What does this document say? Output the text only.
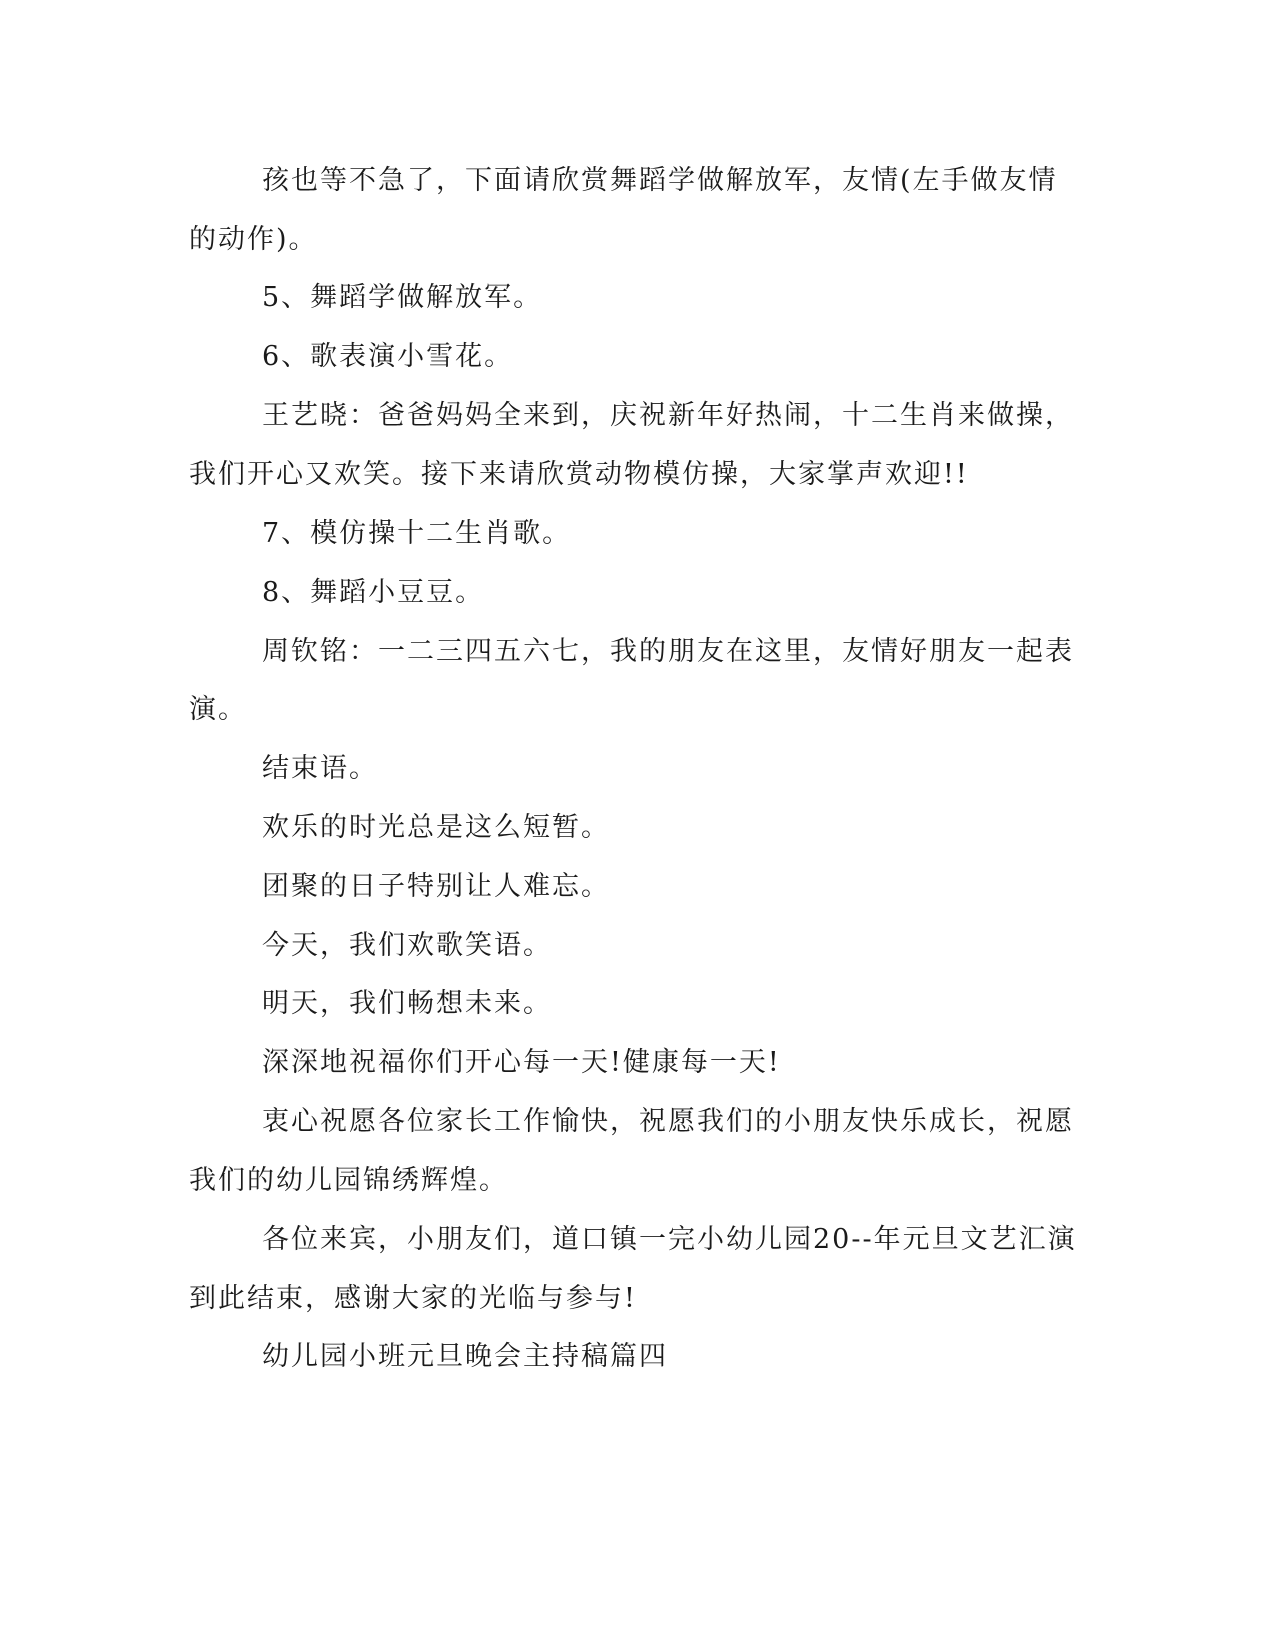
孩也等不急了，下面请欣赏舞蹈学做解放军，友情(左手做友情
的动作)。
5、舞蹈学做解放军。
6、歌表演小雪花。
王艺晓：爸爸妈妈全来到，庆祝新年好热闹，十二生肖来做操，
我们开心又欢笑。接下来请欣赏动物模仿操，大家掌声欢迎!!
7、模仿操十二生肖歌。
8、舞蹈小豆豆。
周钦铭：一二三四五六七，我的朋友在这里，友情好朋友一起表
演。
结束语。
欢乐的时光总是这么短暂。
团聚的日子特别让人难忘。
今天，我们欢歌笑语。
明天，我们畅想未来。
深深地祝福你们开心每一天!健康每一天!
衷心祝愿各位家长工作愉快，祝愿我们的小朋友快乐成长，祝愿
我们的幼儿园锦绣辉煌。
各位来宾，小朋友们，道口镇一完小幼儿园20--年元旦文艺汇演
到此结束，感谢大家的光临与参与!
幼儿园小班元旦晚会主持稿篇四
